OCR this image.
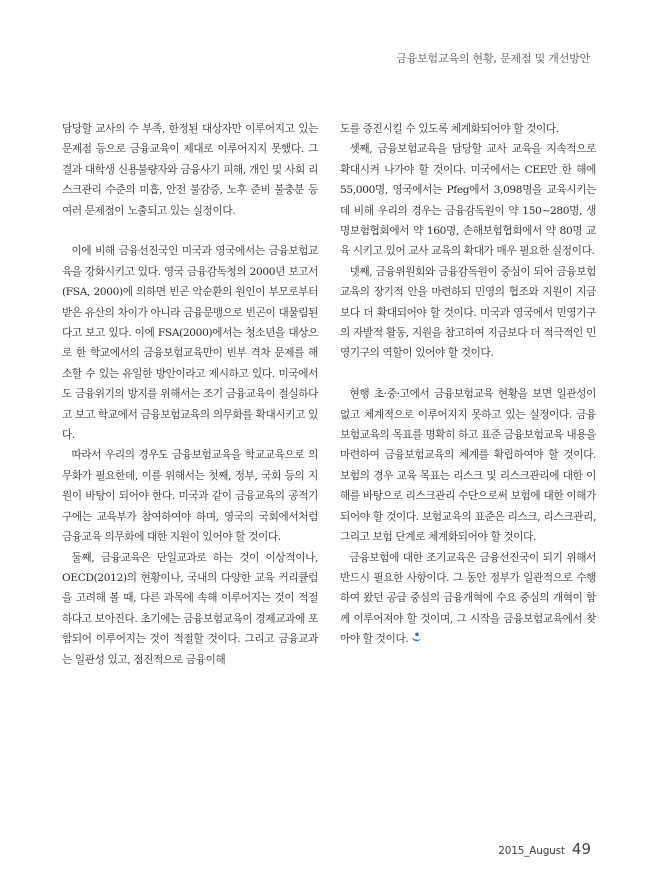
금융보험교육의 현황, 문제점 및 개선방안

담당할 교사의 수 부족, 한정된 대상자만 이루어지고 있는 문제점 등으로 금융교육이 제대로 이루어지지 못했다. 그 결과 대학생 신용불량자와 금융사기 피해, 개인 및 사회 리스크관리 수준의 미흡, 안전 불감증, 노후 준비 불충분 등 여러 문제점이 노출되고 있는 실정이다.

이에 비해 금융선진국인 미국과 영국에서는 금융보험교육을 강화시키고 있다. 영국 금융감독청의 2000년 보고서(FSA, 2000)에 의하면 빈곤 악순환의 원인이 부모로부터 받은 유산의 차이가 아니라 금융문맹으로 빈곤이 대물림된다고 보고 있다. 이에 FSA(2000)에서는 청소년을 대상으로 한 학교에서의 금융보험교육만이 빈부 격차 문제를 해소할 수 있는 유일한 방안이라고 제시하고 있다. 미국에서도 금융위기의 방지를 위해서는 조기 금융교육이 절실하다고 보고 학교에서 금융보험교육의 의무화를 확대시키고 있다.

따라서 우리의 경우도 금융보험교육을 학교교육으로 의무화가 필요한데, 이를 위해서는 첫째, 정부, 국회 등의 지원이 바탕이 되어야 한다. 미국과 같이 금융교육의 공적기구에는 교육부가 참여하여야 하며, 영국의 국회에서처럼 금융교육 의무화에 대한 지원이 있어야 할 것이다.

둘째, 금융교육은 단일교과로 하는 것이 이상적이나, OECD(2012)의 현황이나, 국내의 다양한 교육 커리큘럼을 고려해 볼 때, 다른 과목에 속해 이루어지는 것이 적절하다고 보아진다. 초기에는 금융보험교육이 경제교과에 포함되어 이루어지는 것이 적절할 것이다. 그리고 금융교과는 일관성 있고, 점진적으로 금융이해

도를 증진시킬 수 있도록 체계화되어야 할 것이다.

셋째, 금융보험교육을 담당할 교사 교육을 지속적으로 확대시켜 나가야 할 것이다. 미국에서는 CEE만 한 해에 55,000명, 영국에서는 Pfeg에서 3,098명을 교육시키는 데 비해 우리의 경우는 금융감독원이 약 150~280명, 생명보험협회에서 약 160명, 손해보험협회에서 약 80명 교육 시키고 있어 교사 교육의 확대가 매우 필요한 실정이다.

넷째, 금융위원회와 금융감독원이 중심이 되어 금융보험교육의 장기적 안을 마련하되 민영의 협조와 지원이 지금보다 더 확대되어야 할 것이다. 미국과 영국에서 민영기구의 자발적 활동, 지원을 참고하여 지금보다 더 적극적인 민영기구의 역할이 있어야 할 것이다.

현행 초·중·고에서 금융보험교육 현황을 보면 일관성이 없고 체계적으로 이루어지지 못하고 있는 실정이다. 금융보험교육의 목표를 명확히 하고 표준 금융보험교육 내용을 마련하여 금융보험교육의 체계를 확립하여야 할 것이다. 보험의 경우 교육 목표는 리스크 및 리스크관리에 대한 이해를 바탕으로 리스크관리 수단으로써 보험에 대한 이해가 되어야 할 것이다. 보험교육의 표준은 리스크, 리스크관리, 그리고 보험 단계로 체계화되어야 할 것이다.

금융보험에 대한 조기교육은 금융선진국이 되기 위해서 반드시 필요한 사항이다. 그 동안 정부가 일관적으로 수행하여 왔던 공급 중심의 금융개혁에 수요 중심의 개혁이 함께 이루어져야 할 것이며, 그 시작을 금융보험교육에서 찾아야 할 것이다.

2015_August 49
